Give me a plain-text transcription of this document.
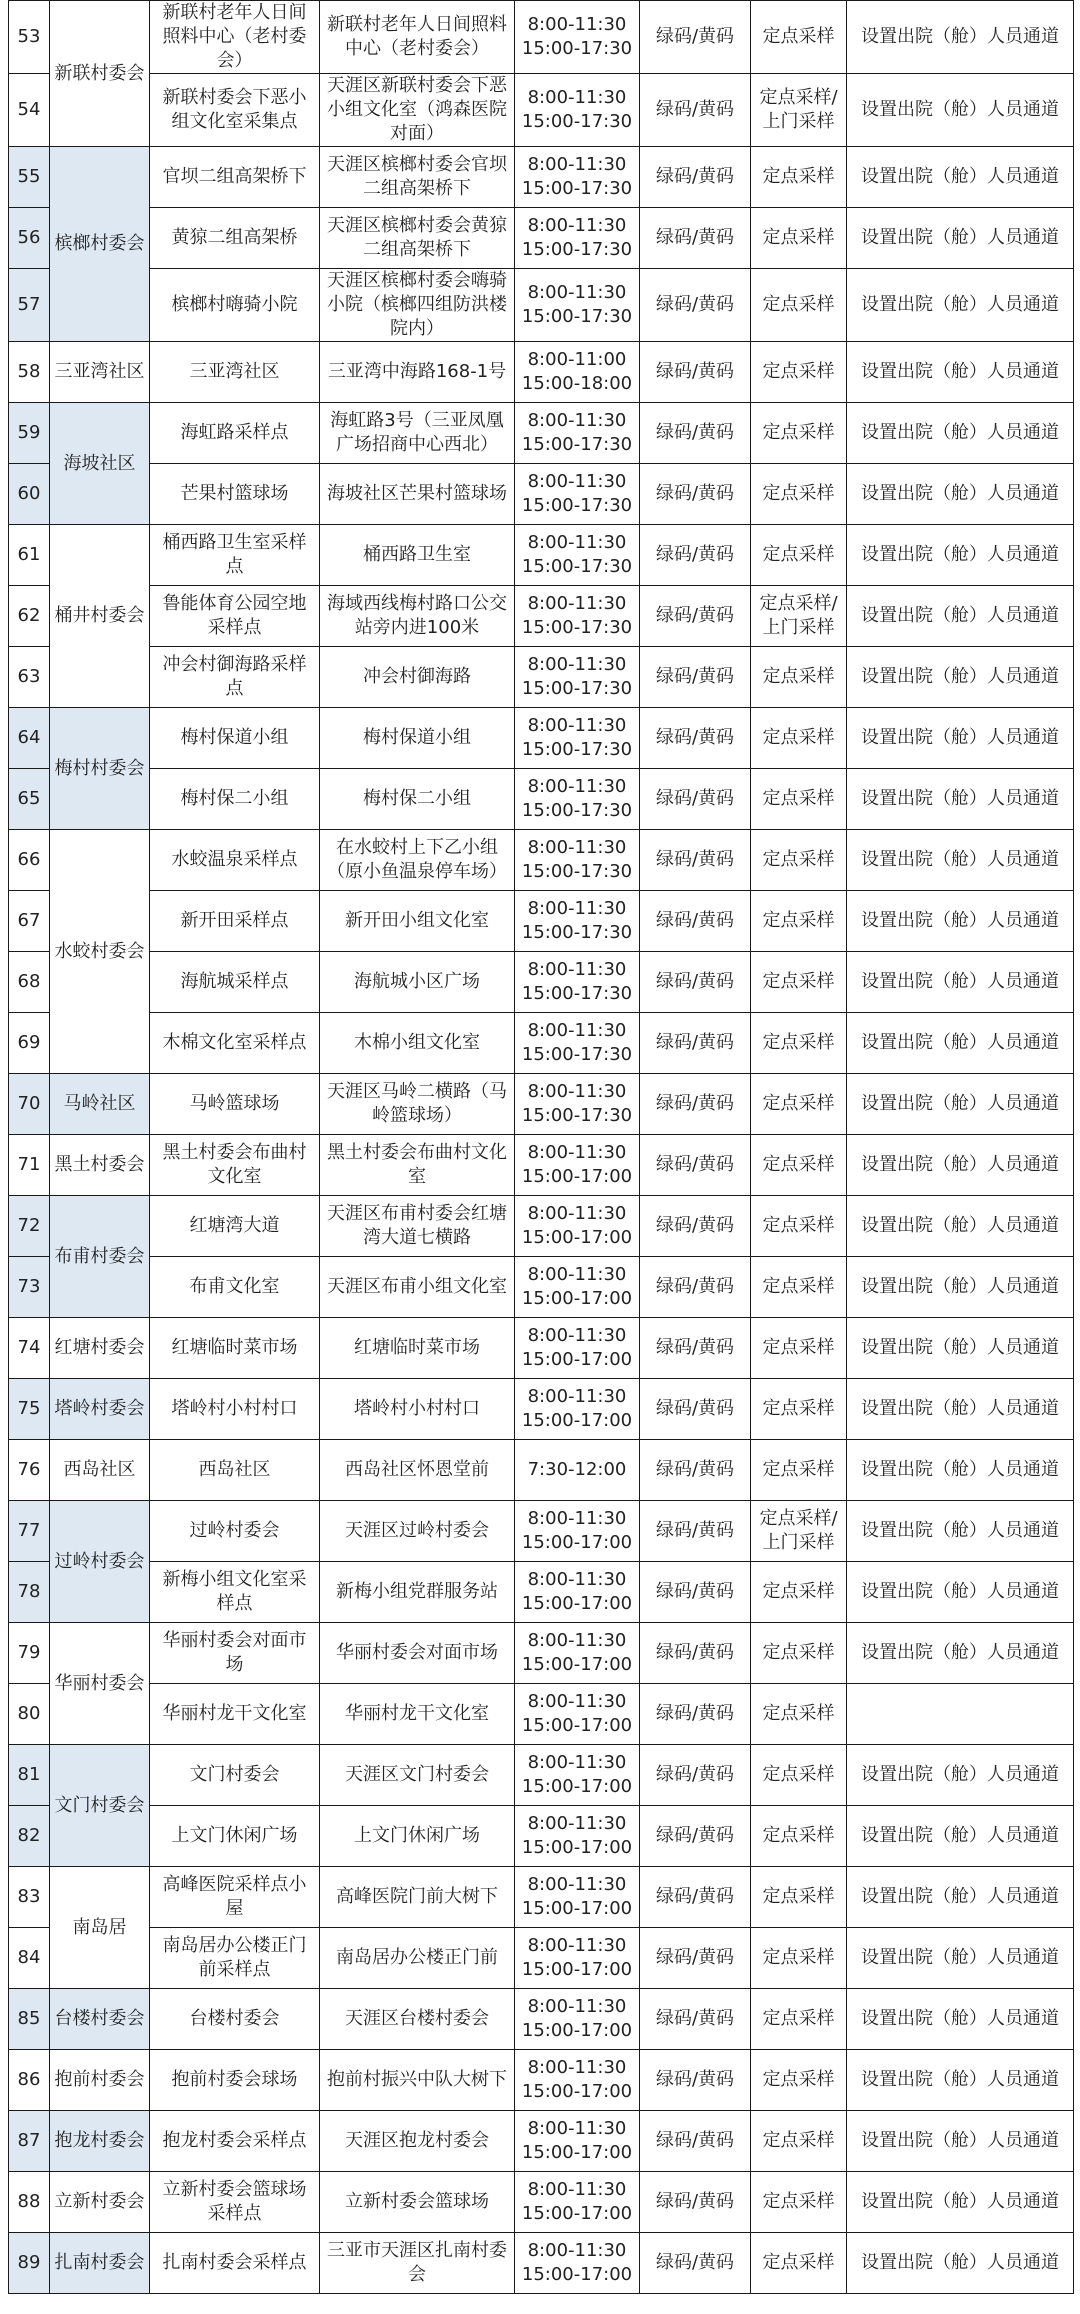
53	新联村委会	新联村老年人日间照料中心（老村委会）	新联村老年人日间照料中心（老村委会）	8:00-11:30 15:00-17:30	绿码/黄码	定点采样	设置出院（舱）人员通道
54		新联村委会下恶小组文化室采集点	天涯区新联村委会下恶小组文化室（鸿森医院对面）	8:00-11:30 15:00-17:30	绿码/黄码	定点采样/上门采样	设置出院（舱）人员通道
55	槟榔村委会	官坝二组高架桥下	天涯区槟榔村委会官坝二组高架桥下	8:00-11:30 15:00-17:30	绿码/黄码	定点采样	设置出院（舱）人员通道
56		黄猄二组高架桥	天涯区槟榔村委会黄猄二组高架桥下	8:00-11:30 15:00-17:30	绿码/黄码	定点采样	设置出院（舱）人员通道
57		槟榔村嗨骑小院	天涯区槟榔村委会嗨骑小院（槟榔四组防洪楼院内）	8:00-11:30 15:00-17:30	绿码/黄码	定点采样	设置出院（舱）人员通道
58	三亚湾社区	三亚湾社区	三亚湾中海路168-1号	8:00-11:00 15:00-18:00	绿码/黄码	定点采样	设置出院（舱）人员通道
59	海坡社区	海虹路采样点	海虹路3号（三亚凤凰广场招商中心西北）	8:00-11:30 15:00-17:30	绿码/黄码	定点采样	设置出院（舱）人员通道
60		芒果村篮球场	海坡社区芒果村篮球场	8:00-11:30 15:00-17:30	绿码/黄码	定点采样	设置出院（舱）人员通道
61	桶井村委会	桶西路卫生室采样点	桶西路卫生室	8:00-11:30 15:00-17:30	绿码/黄码	定点采样	设置出院（舱）人员通道
62		鲁能体育公园空地采样点	海域西线梅村路口公交站旁内进100米	8:00-11:30 15:00-17:30	绿码/黄码	定点采样/上门采样	设置出院（舱）人员通道
63		冲会村御海路采样点	冲会村御海路	8:00-11:30 15:00-17:30	绿码/黄码	定点采样	设置出院（舱）人员通道
64	梅村村委会	梅村保道小组	梅村保道小组	8:00-11:30 15:00-17:30	绿码/黄码	定点采样	设置出院（舱）人员通道
65		梅村保二小组	梅村保二小组	8:00-11:30 15:00-17:30	绿码/黄码	定点采样	设置出院（舱）人员通道
66	水蛟村委会	水蛟温泉采样点	在水蛟村上下乙小组（原小鱼温泉停车场）	8:00-11:30 15:00-17:30	绿码/黄码	定点采样	设置出院（舱）人员通道
67		新开田采样点	新开田小组文化室	8:00-11:30 15:00-17:30	绿码/黄码	定点采样	设置出院（舱）人员通道
68		海航城采样点	海航城小区广场	8:00-11:30 15:00-17:30	绿码/黄码	定点采样	设置出院（舱）人员通道
69		木棉文化室采样点	木棉小组文化室	8:00-11:30 15:00-17:30	绿码/黄码	定点采样	设置出院（舱）人员通道
70	马岭社区	马岭篮球场	天涯区马岭二横路（马岭篮球场）	8:00-11:30 15:00-17:30	绿码/黄码	定点采样	设置出院（舱）人员通道
71	黑土村委会	黑土村委会布曲村文化室	黑土村委会布曲村文化室	8:00-11:30 15:00-17:00	绿码/黄码	定点采样	设置出院（舱）人员通道
72	布甫村委会	红塘湾大道	天涯区布甫村委会红塘湾大道七横路	8:00-11:30 15:00-17:00	绿码/黄码	定点采样	设置出院（舱）人员通道
73		布甫文化室	天涯区布甫小组文化室	8:00-11:30 15:00-17:00	绿码/黄码	定点采样	设置出院（舱）人员通道
74	红塘村委会	红塘临时菜市场	红塘临时菜市场	8:00-11:30 15:00-17:00	绿码/黄码	定点采样	设置出院（舱）人员通道
75	塔岭村委会	塔岭村小村村口	塔岭村小村村口	8:00-11:30 15:00-17:00	绿码/黄码	定点采样	设置出院（舱）人员通道
76	西岛社区	西岛社区	西岛社区怀恩堂前	7:30-12:00	绿码/黄码	定点采样	设置出院（舱）人员通道
77	过岭村委会	过岭村委会	天涯区过岭村委会	8:00-11:30 15:00-17:00	绿码/黄码	定点采样/上门采样	设置出院（舱）人员通道
78		新梅小组文化室采样点	新梅小组党群服务站	8:00-11:30 15:00-17:00	绿码/黄码	定点采样	设置出院（舱）人员通道
79	华丽村委会	华丽村委会对面市场	华丽村委会对面市场	8:00-11:30 15:00-17:00	绿码/黄码	定点采样	设置出院（舱）人员通道
80		华丽村龙干文化室	华丽村龙干文化室	8:00-11:30 15:00-17:00	绿码/黄码	定点采样	
81	文门村委会	文门村委会	天涯区文门村委会	8:00-11:30 15:00-17:00	绿码/黄码	定点采样	设置出院（舱）人员通道
82		上文门休闲广场	上文门休闲广场	8:00-11:30 15:00-17:00	绿码/黄码	定点采样	设置出院（舱）人员通道
83	南岛居	高峰医院采样点小屋	高峰医院门前大树下	8:00-11:30 15:00-17:00	绿码/黄码	定点采样	设置出院（舱）人员通道
84		南岛居办公楼正门前采样点	南岛居办公楼正门前	8:00-11:30 15:00-17:00	绿码/黄码	定点采样	设置出院（舱）人员通道
85	台楼村委会	台楼村委会	天涯区台楼村委会	8:00-11:30 15:00-17:00	绿码/黄码	定点采样	设置出院（舱）人员通道
86	抱前村委会	抱前村委会球场	抱前村振兴中队大树下	8:00-11:30 15:00-17:00	绿码/黄码	定点采样	设置出院（舱）人员通道
87	抱龙村委会	抱龙村委会采样点	天涯区抱龙村委会	8:00-11:30 15:00-17:00	绿码/黄码	定点采样	设置出院（舱）人员通道
88	立新村委会	立新村委会篮球场采样点	立新村委会篮球场	8:00-11:30 15:00-17:00	绿码/黄码	定点采样	设置出院（舱）人员通道
89	扎南村委会	扎南村委会采样点	三亚市天涯区扎南村委会	8:00-11:30 15:00-17:00	绿码/黄码	定点采样	设置出院（舱）人员通道
